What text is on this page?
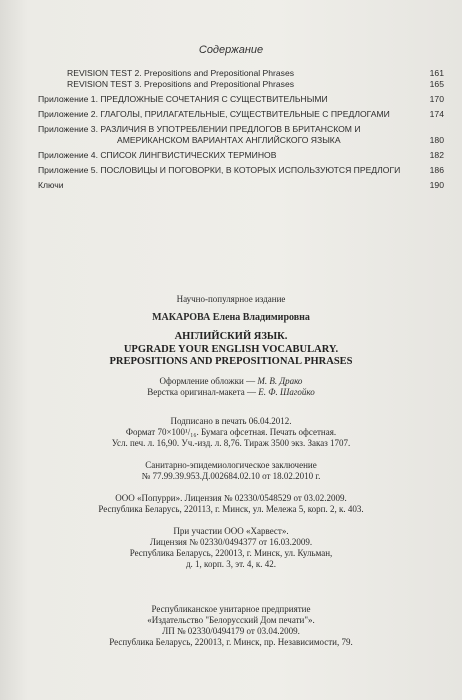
Содержание
REVISION TEST 2. Prepositions and Prepositional Phrases	161
REVISION TEST 3. Prepositions and Prepositional Phrases	165
Приложение 1. ПРЕДЛОЖНЫЕ СОЧЕТАНИЯ С СУЩЕСТВИТЕЛЬНЫМИ	170
Приложение 2. ГЛАГОЛЫ, ПРИЛАГАТЕЛЬНЫЕ, СУЩЕСТВИТЕЛЬНЫЕ С ПРЕДЛОГАМИ	174
Приложение 3. РАЗЛИЧИЯ В УПОТРЕБЛЕНИИ ПРЕДЛОГОВ В БРИТАНСКОМ И АМЕРИКАНСКОМ ВАРИАНТАХ АНГЛИЙСКОГО ЯЗЫКА	180
Приложение 4. СПИСОК ЛИНГВИСТИЧЕСКИХ ТЕРМИНОВ	182
Приложение 5. ПОСЛОВИЦЫ И ПОГОВОРКИ, В КОТОРЫХ ИСПОЛЬЗУЮТСЯ ПРЕДЛОГИ	186
Ключи	190
Научно-популярное издание
МАКАРОВА Елена Владимировна
АНГЛИЙСКИЙ ЯЗЫК.
UPGRADE YOUR ENGLISH VOCABULARY.
PREPOSITIONS AND PREPOSITIONAL PHRASES
Оформление обложки — М. В. Драко
Верстка оригинал-макета — Е. Ф. Шагойко
Подписано в печать 06.04.2012.
Формат 70×100¹/₁₆. Бумага офсетная. Печать офсетная.
Усл. печ. л. 16,90. Уч.-изд. л. 8,76. Тираж 3500 экз. Заказ 1707.
Санитарно-эпидемиологическое заключение
№ 77.99.39.953.Д.002684.02.10 от 18.02.2010 г.
ООО «Попурри». Лицензия № 02330/0548529 от 03.02.2009.
Республика Беларусь, 220113, г. Минск, ул. Мележа 5, корп. 2, к. 403.
При участии ООО «Харвест».
Лицензия № 02330/0494377 от 16.03.2009.
Республика Беларусь, 220013, г. Минск, ул. Кульман,
д. 1, корп. 3, эт. 4, к. 42.
Республиканское унитарное предприятие
«Издательство "Белорусский Дом печати"».
ЛП № 02330/0494179 от 03.04.2009.
Республика Беларусь, 220013, г. Минск, пр. Независимости, 79.
